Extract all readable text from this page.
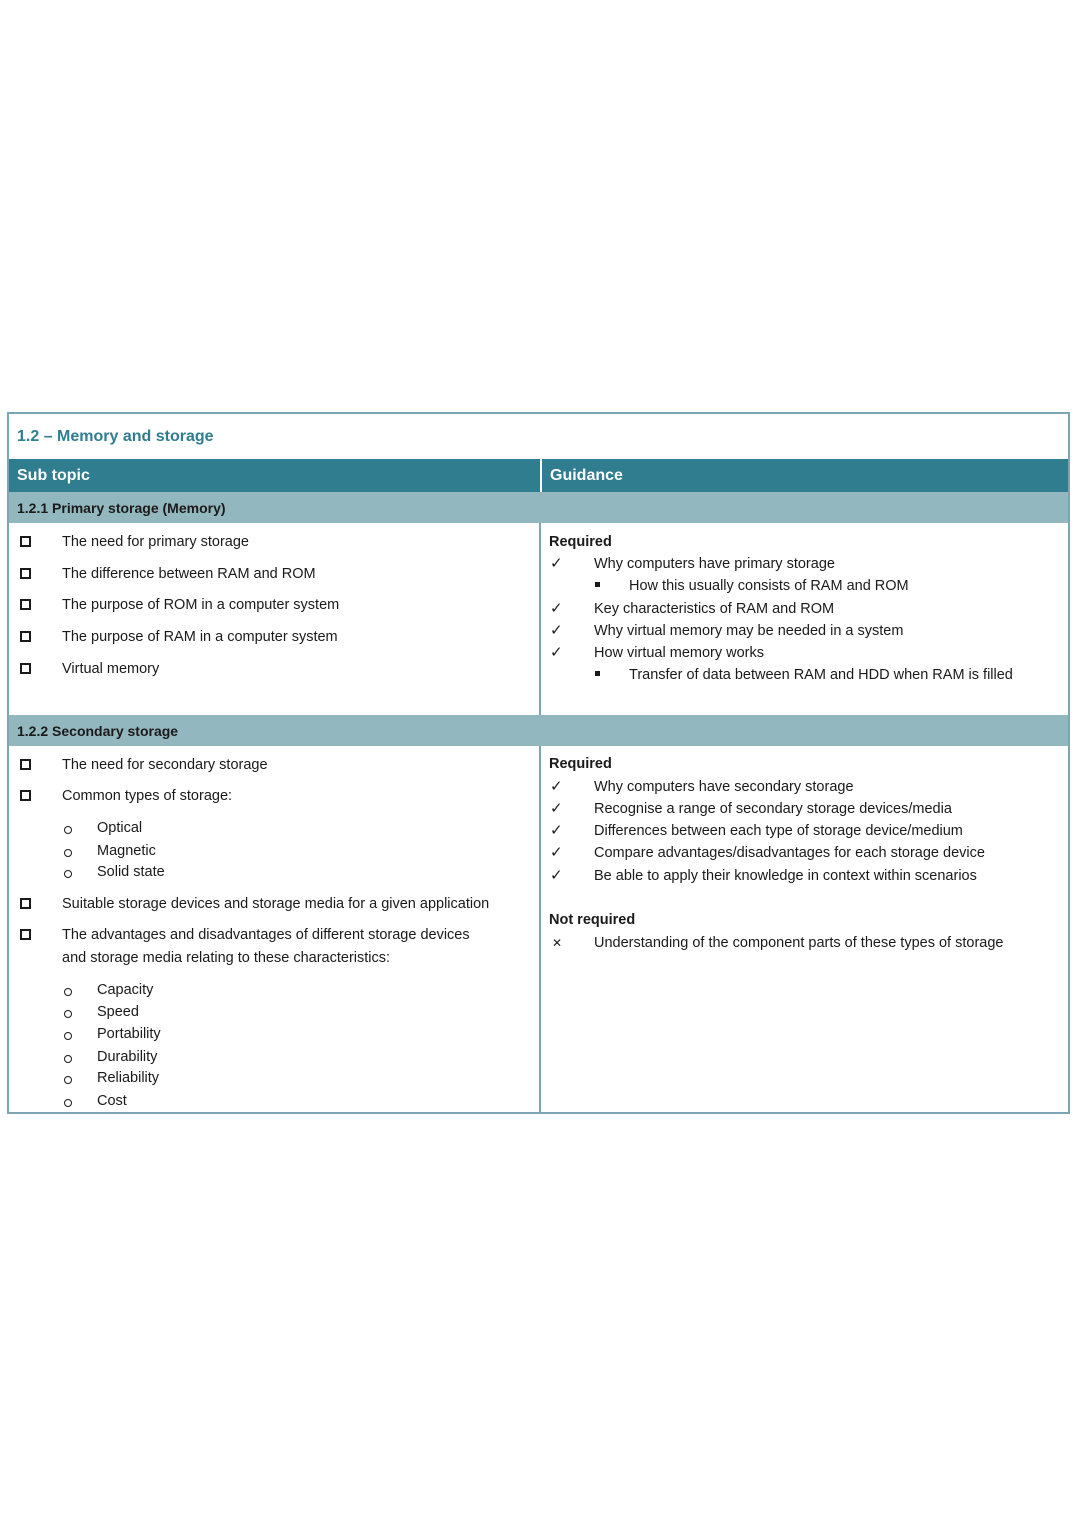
1.2 – Memory and storage
Sub topic	Guidance
1.2.1 Primary storage (Memory)
The need for primary storage
The difference between RAM and ROM
The purpose of ROM in a computer system
The purpose of RAM in a computer system
Virtual memory
Required
✓ Why computers have primary storage
How this usually consists of RAM and ROM
✓ Key characteristics of RAM and ROM
✓ Why virtual memory may be needed in a system
✓ How virtual memory works
Transfer of data between RAM and HDD when RAM is filled
1.2.2 Secondary storage
The need for secondary storage
Common types of storage:
Optical
Magnetic
Solid state
Suitable storage devices and storage media for a given application
The advantages and disadvantages of different storage devices
and storage media relating to these characteristics:
Capacity
Speed
Portability
Durability
Reliability
Cost
Required
✓ Why computers have secondary storage
✓ Recognise a range of secondary storage devices/media
✓ Differences between each type of storage device/medium
✓ Compare advantages/disadvantages for each storage device
✓ Be able to apply their knowledge in context within scenarios
Not required
✕ Understanding of the component parts of these types of storage
